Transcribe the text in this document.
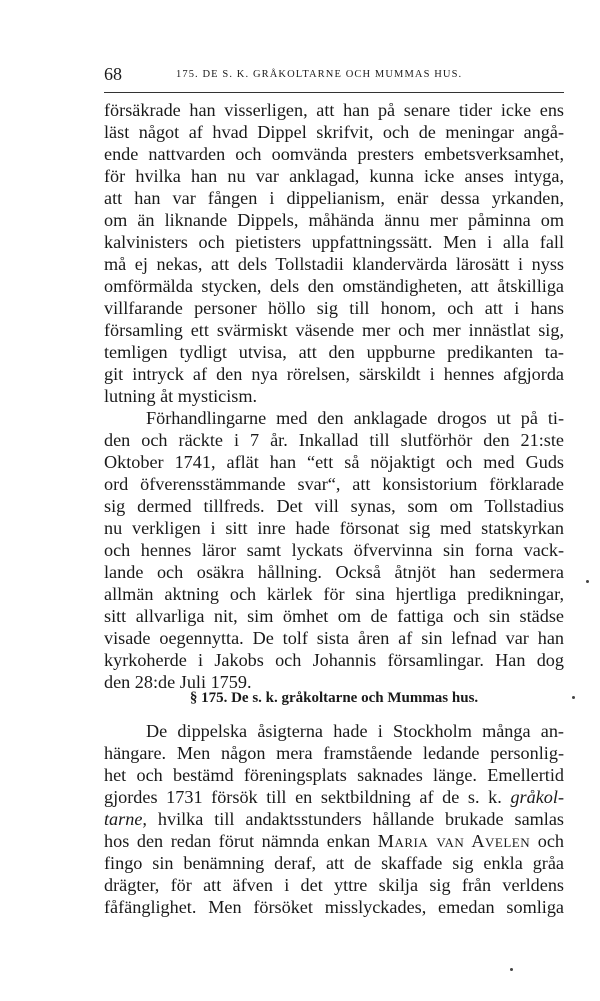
68	175. DE S. K. GRÅKOLTARNE OCH MUMMAS HUS.
försäkrade han visserligen, att han på senare tider icke ens
läst något af hvad Dippel skrifvit, och de meningar angå-
ende nattvarden och oomvända presters embetsverksamhet,
för hvilka han nu var anklagad, kunna icke anses intyga,
att han var fången i dippelianism, enär dessa yrkanden,
om än liknande Dippels, måhända ännu mer påminna om
kalvinisters och pietisters uppfattningssätt. Men i alla fall
må ej nekas, att dels Tollstadii klandervärda lärosätt i nyss
omförmälda stycken, dels den omständigheten, att åtskilliga
villfarande personer höllo sig till honom, och att i hans
församling ett svärmiskt väsende mer och mer innästlat sig,
temligen tydligt utvisa, att den uppburne predikanten ta-
git intryck af den nya rörelsen, särskildt i hennes afgjorda
lutning åt mysticism.
Förhandlingarne med den anklagade drogos ut på ti-
den och räckte i 7 år. Inkallad till slutförhör den 21:ste
Oktober 1741, aflät han “ett så nöjaktigt och med Guds
ord öfverensstämmande svar“, att konsistorium förklarade
sig dermed tillfreds. Det vill synas, som om Tollstadius
nu verkligen i sitt inre hade försonat sig med statskyrkan
och hennes läror samt lyckats öfvervinna sin forna vack-
lande och osäkra hållning. Också åtnjöt han sedermera
allmän aktning och kärlek för sina hjertliga predikningar,
sitt allvarliga nit, sim ömhet om de fattiga och sin städse
visade oegennytta. De tolf sista åren af sin lefnad var han
kyrkoherde i Jakobs och Johannis församlingar. Han dog
den 28:de Juli 1759.
§ 175. De s. k. gråkoltarne och Mummas hus.
De dippelska åsigterna hade i Stockholm många an-
hängare. Men någon mera framstående ledande personlig-
het och bestämd föreningsplats saknades länge. Emellertid
gjordes 1731 försök till en sektbildning af de s. k. gråkol-
tarne, hvilka till andaktsstunders hållande brukade samlas
hos den redan förut nämnda enkan Maria van Avelen och
fingo sin benämning deraf, att de skaffade sig enkla gråa
drägter, för att äfven i det yttre skilja sig från verldens
fåfänglighet. Men försöket misslyckades, emedan somliga
